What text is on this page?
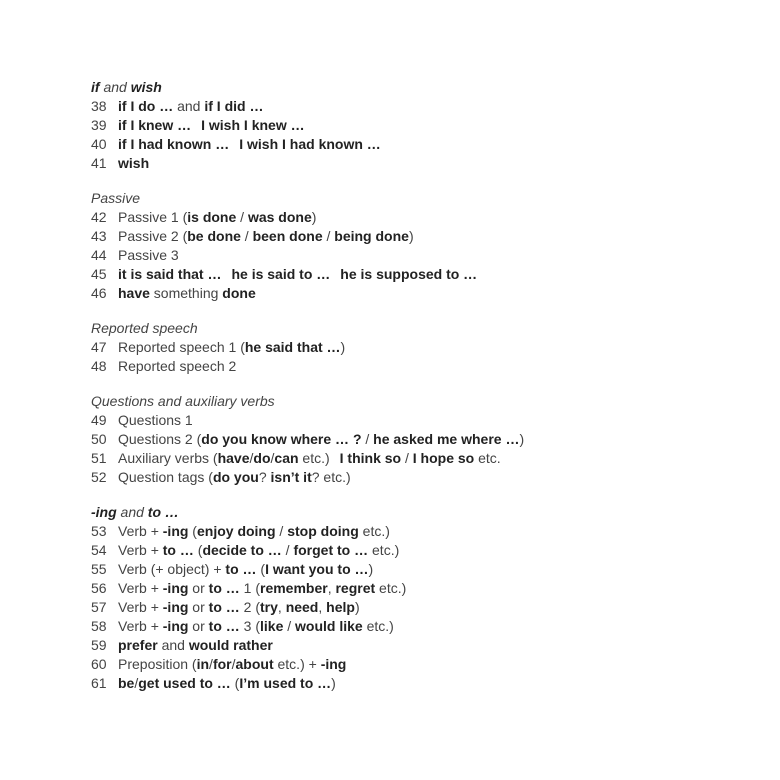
if and wish
38 if I do … and if I did …
39 if I knew … I wish I knew …
40 if I had known … I wish I had known …
41 wish
Passive
42 Passive 1 (is done / was done)
43 Passive 2 (be done / been done / being done)
44 Passive 3
45 it is said that … he is said to … he is supposed to …
46 have something done
Reported speech
47 Reported speech 1 (he said that …)
48 Reported speech 2
Questions and auxiliary verbs
49 Questions 1
50 Questions 2 (do you know where … ? / he asked me where …)
51 Auxiliary verbs (have/do/can etc.) I think so / I hope so etc.
52 Question tags (do you? isn’t it? etc.)
-ing and to …
53 Verb + -ing (enjoy doing / stop doing etc.)
54 Verb + to … (decide to … / forget to … etc.)
55 Verb (+ object) + to … (I want you to …)
56 Verb + -ing or to … 1 (remember, regret etc.)
57 Verb + -ing or to … 2 (try, need, help)
58 Verb + -ing or to … 3 (like / would like etc.)
59 prefer and would rather
60 Preposition (in/for/about etc.) + -ing
61 be/get used to … (I’m used to …)
